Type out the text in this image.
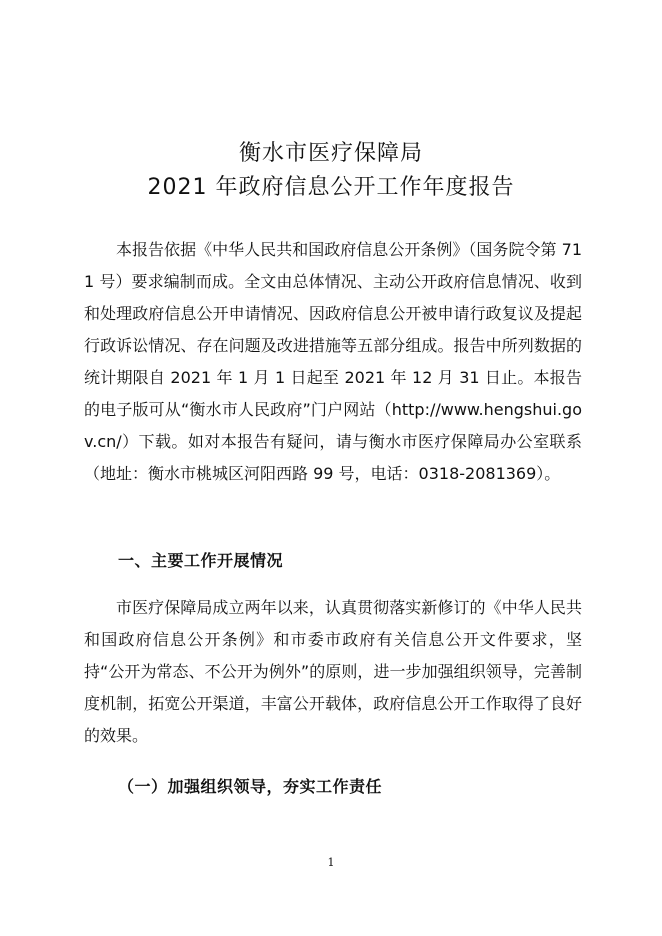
衡水市医疗保障局
2021 年政府信息公开工作年度报告

本报告依据《中华人民共和国政府信息公开条例》（国务院令第 711 号）要求编制而成。全文由总体情况、主动公开政府信息情况、收到和处理政府信息公开申请情况、因政府信息公开被申请行政复议及提起行政诉讼情况、存在问题及改进措施等五部分组成。报告中所列数据的统计期限自 2021 年 1 月 1 日起至 2021 年 12 月 31 日止。本报告的电子版可从“衡水市人民政府”门户网站（http://www.hengshui.gov.cn/）下载。如对本报告有疑问，请与衡水市医疗保障局办公室联系（地址：衡水市桃城区河阳西路 99 号，电话：0318-2081369）。

一、主要工作开展情况

市医疗保障局成立两年以来，认真贯彻落实新修订的《中华人民共和国政府信息公开条例》和市委市政府有关信息公开文件要求，坚持“公开为常态、不公开为例外”的原则，进一步加强组织领导，完善制度机制，拓宽公开渠道，丰富公开载体，政府信息公开工作取得了良好的效果。

（一）加强组织领导，夯实工作责任
1
